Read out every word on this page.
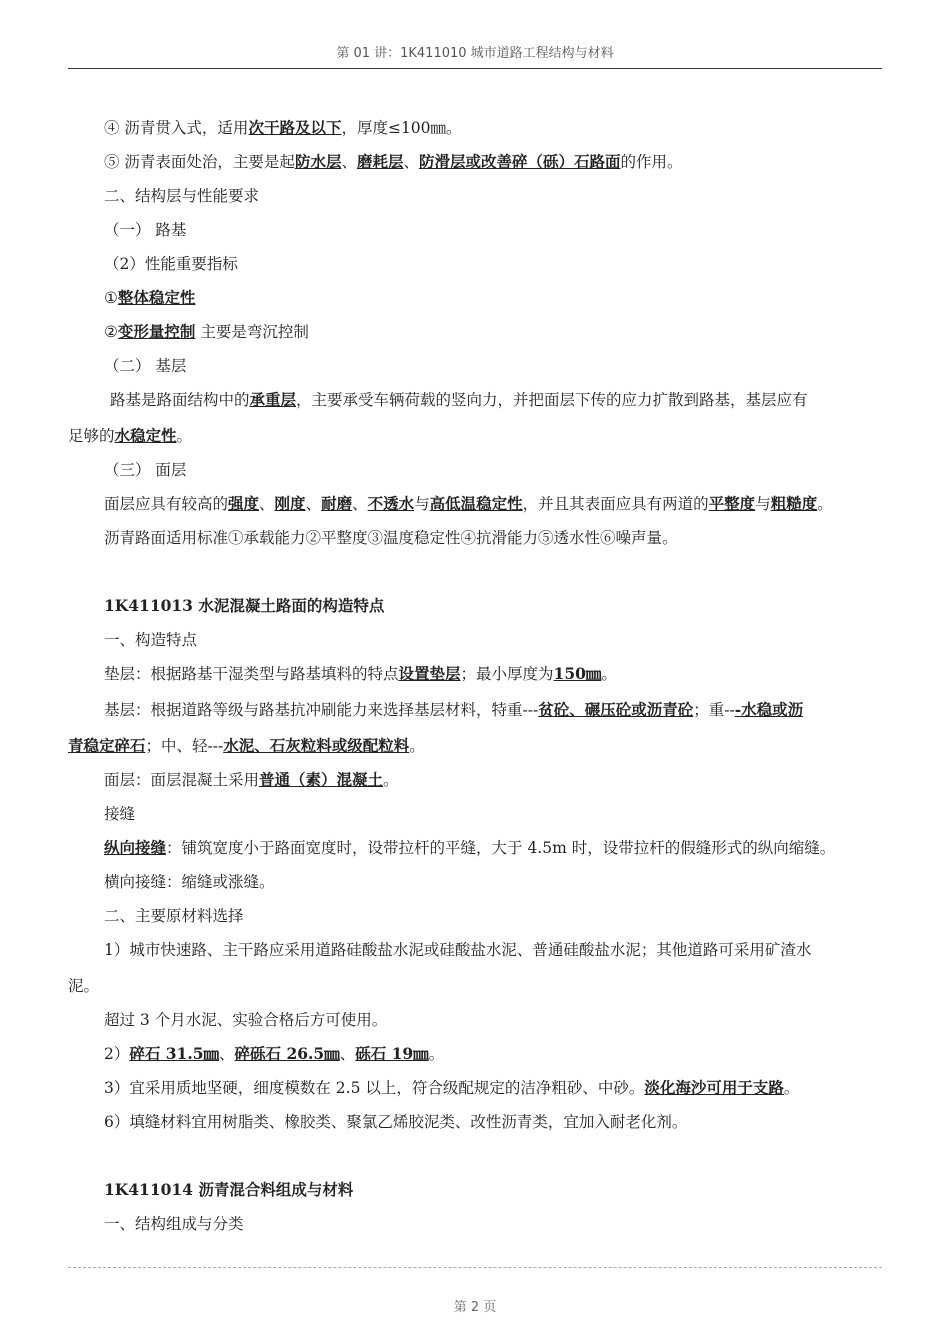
第 01 讲：1K411010 城市道路工程结构与材料
④ 沥青贯入式，适用次干路及以下，厚度≤100㎜。
⑤ 沥青表面处治，主要是起防水层、磨耗层、防滑层或改善碎（砾）石路面的作用。
二、结构层与性能要求
（一） 路基
（2）性能重要指标
①整体稳定性
②变形量控制 主要是弯沉控制
（二） 基层
路基是路面结构中的承重层，主要承受车辆荷载的竖向力，并把面层下传的应力扩散到路基，基层应有
足够的水稳定性。
（三） 面层
面层应具有较高的强度、刚度、耐磨、不透水与高低温稳定性，并且其表面应具有两道的平整度与粗糙度。
沥青路面适用标准①承载能力②平整度③温度稳定性④抗滑能力⑤透水性⑥噪声量。
1K411013 水泥混凝土路面的构造特点
一、构造特点
垫层：根据路基干湿类型与路基填料的特点设置垫层；最小厚度为150㎜。
基层：根据道路等级与路基抗冲刷能力来选择基层材料，特重---贫砼、碾压砼或沥青砼；重---水稳或沥
青稳定碎石；中、轻---水泥、石灰粒料或级配粒料。
面层：面层混凝土采用普通（素）混凝土。
接缝
纵向接缝：铺筑宽度小于路面宽度时，设带拉杆的平缝，大于 4.5m 时，设带拉杆的假缝形式的纵向缩缝。
横向接缝：缩缝或涨缝。
二、主要原材料选择
1）城市快速路、主干路应采用道路硅酸盐水泥或硅酸盐水泥、普通硅酸盐水泥；其他道路可采用矿渣水
泥。
超过 3 个月水泥、实验合格后方可使用。
2）碎石 31.5㎜、碎砾石 26.5㎜、砾石 19㎜。
3）宜采用质地坚硬，细度模数在 2.5 以上，符合级配规定的洁净粗砂、中砂。淡化海沙可用于支路。
6）填缝材料宜用树脂类、橡胶类、聚氯乙烯胶泥类、改性沥青类，宜加入耐老化剂。
1K411014 沥青混合料组成与材料
一、结构组成与分类
第 2 页
